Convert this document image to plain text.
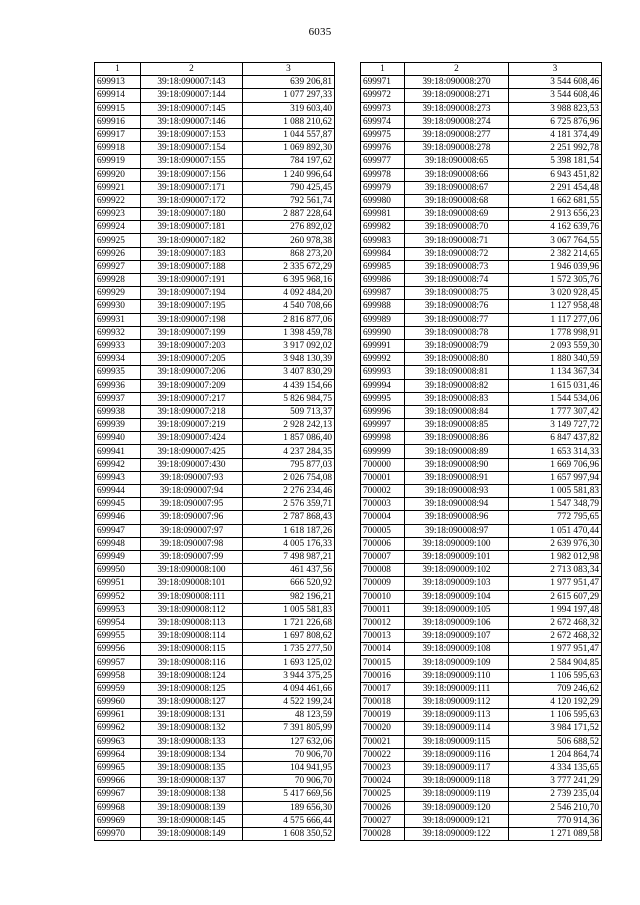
6035
1	2	3
699913	39:18:090007:143	639 206,81
699914	39:18:090007:144	1 077 297,33
699915	39:18:090007:145	319 603,40
699916	39:18:090007:146	1 088 210,62
699917	39:18:090007:153	1 044 557,87
699918	39:18:090007:154	1 069 892,30
699919	39:18:090007:155	784 197,62
699920	39:18:090007:156	1 240 996,64
699921	39:18:090007:171	790 425,45
699922	39:18:090007:172	792 561,74
699923	39:18:090007:180	2 887 228,64
699924	39:18:090007:181	276 892,02
699925	39:18:090007:182	260 978,38
699926	39:18:090007:183	868 273,20
699927	39:18:090007:188	2 335 672,29
699928	39:18:090007:191	6 395 968,16
699929	39:18:090007:194	4 092 484,20
699930	39:18:090007:195	4 540 708,66
699931	39:18:090007:198	2 816 877,06
699932	39:18:090007:199	1 398 459,78
699933	39:18:090007:203	3 917 092,02
699934	39:18:090007:205	3 948 130,39
699935	39:18:090007:206	3 407 830,29
699936	39:18:090007:209	4 439 154,66
699937	39:18:090007:217	5 826 984,75
699938	39:18:090007:218	509 713,37
699939	39:18:090007:219	2 928 242,13
699940	39:18:090007:424	1 857 086,40
699941	39:18:090007:425	4 237 284,35
699942	39:18:090007:430	795 877,03
699943	39:18:090007:93	2 026 754,08
699944	39:18:090007:94	2 276 234,46
699945	39:18:090007:95	2 576 359,71
699946	39:18:090007:96	2 787 868,43
699947	39:18:090007:97	1 618 187,26
699948	39:18:090007:98	4 005 176,33
699949	39:18:090007:99	7 498 987,21
699950	39:18:090008:100	461 437,56
699951	39:18:090008:101	666 520,92
699952	39:18:090008:111	982 196,21
699953	39:18:090008:112	1 005 581,83
699954	39:18:090008:113	1 721 226,68
699955	39:18:090008:114	1 697 808,62
699956	39:18:090008:115	1 735 277,50
699957	39:18:090008:116	1 693 125,02
699958	39:18:090008:124	3 944 375,25
699959	39:18:090008:125	4 094 461,66
699960	39:18:090008:127	4 522 199,24
699961	39:18:090008:131	48 123,59
699962	39:18:090008:132	7 391 805,99
699963	39:18:090008:133	127 632,06
699964	39:18:090008:134	70 906,70
699965	39:18:090008:135	104 941,95
699966	39:18:090008:137	70 906,70
699967	39:18:090008:138	5 417 669,56
699968	39:18:090008:139	189 656,30
699969	39:18:090008:145	4 575 666,44
699970	39:18:090008:149	1 608 350,52
1	2	3
699971	39:18:090008:270	3 544 608,46
699972	39:18:090008:271	3 544 608,46
699973	39:18:090008:273	3 988 823,53
699974	39:18:090008:274	6 725 876,96
699975	39:18:090008:277	4 181 374,49
699976	39:18:090008:278	2 251 992,78
699977	39:18:090008:65	5 398 181,54
699978	39:18:090008:66	6 943 451,82
699979	39:18:090008:67	2 291 454,48
699980	39:18:090008:68	1 662 681,55
699981	39:18:090008:69	2 913 656,23
699982	39:18:090008:70	4 162 639,76
699983	39:18:090008:71	3 067 764,55
699984	39:18:090008:72	2 382 214,65
699985	39:18:090008:73	1 946 039,96
699986	39:18:090008:74	1 572 305,76
699987	39:18:090008:75	3 020 928,45
699988	39:18:090008:76	1 127 958,48
699989	39:18:090008:77	1 117 277,06
699990	39:18:090008:78	1 778 998,91
699991	39:18:090008:79	2 093 559,30
699992	39:18:090008:80	1 880 340,59
699993	39:18:090008:81	1 134 367,34
699994	39:18:090008:82	1 615 031,46
699995	39:18:090008:83	1 544 534,06
699996	39:18:090008:84	1 777 307,42
699997	39:18:090008:85	3 149 727,72
699998	39:18:090008:86	6 847 437,82
699999	39:18:090008:89	1 653 314,33
700000	39:18:090008:90	1 669 706,96
700001	39:18:090008:91	1 657 997,94
700002	39:18:090008:93	1 005 581,83
700003	39:18:090008:94	1 547 348,79
700004	39:18:090008:96	772 795,65
700005	39:18:090008:97	1 051 470,44
700006	39:18:090009:100	2 639 976,30
700007	39:18:090009:101	1 982 012,98
700008	39:18:090009:102	2 713 083,34
700009	39:18:090009:103	1 977 951,47
700010	39:18:090009:104	2 615 607,29
700011	39:18:090009:105	1 994 197,48
700012	39:18:090009:106	2 672 468,32
700013	39:18:090009:107	2 672 468,32
700014	39:18:090009:108	1 977 951,47
700015	39:18:090009:109	2 584 904,85
700016	39:18:090009:110	1 106 595,63
700017	39:18:090009:111	709 246,62
700018	39:18:090009:112	4 120 192,29
700019	39:18:090009:113	1 106 595,63
700020	39:18:090009:114	3 984 171,52
700021	39:18:090009:115	506 688,52
700022	39:18:090009:116	1 204 864,74
700023	39:18:090009:117	4 334 135,65
700024	39:18:090009:118	3 777 241,29
700025	39:18:090009:119	2 739 235,04
700026	39:18:090009:120	2 546 210,70
700027	39:18:090009:121	770 914,36
700028	39:18:090009:122	1 271 089,58
